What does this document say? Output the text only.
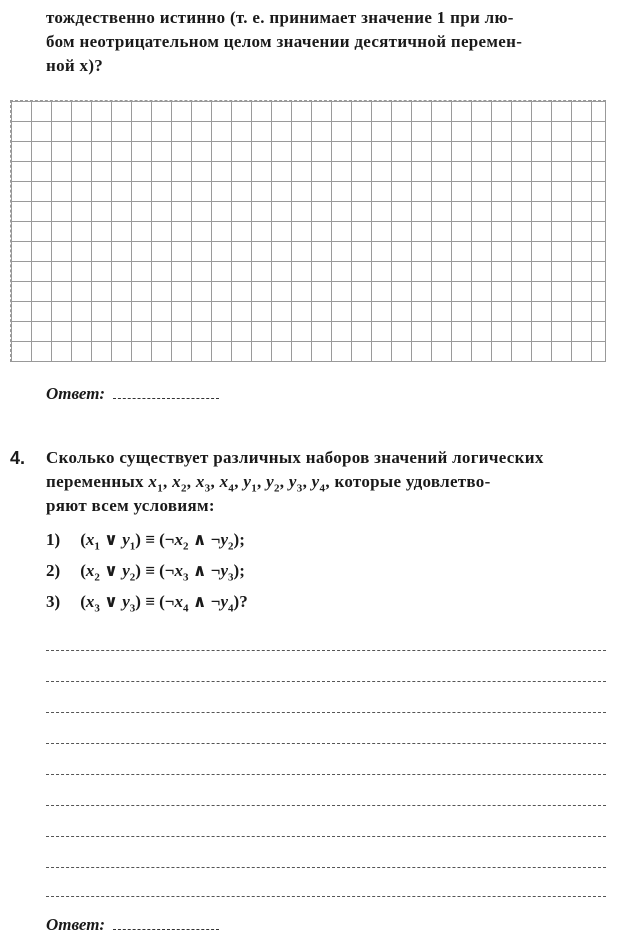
тождественно истинно (т. е. принимает значение 1 при лю-
бом неотрицательном целом значении десятичной перемен-
ной x)?
Ответ:
4. Сколько существует различных наборов значений логических
переменных $x_1$, $x_2$, $x_3$, $x_4$, $y_1$, $y_2$, $y_3$, $y_4$, которые удовлетво-
ряют всем условиям:
1) ($x_1$ ∨ $y_1$) ≡ ($\neg x_2$ ∧ $\neg y_2$);
2) ($x_2$ ∨ $y_2$) ≡ ($\neg x_3$ ∧ $\neg y_3$);
3) ($x_3$ ∨ $y_3$) ≡ ($\neg x_4$ ∧ $\neg y_4$)?
Ответ:
